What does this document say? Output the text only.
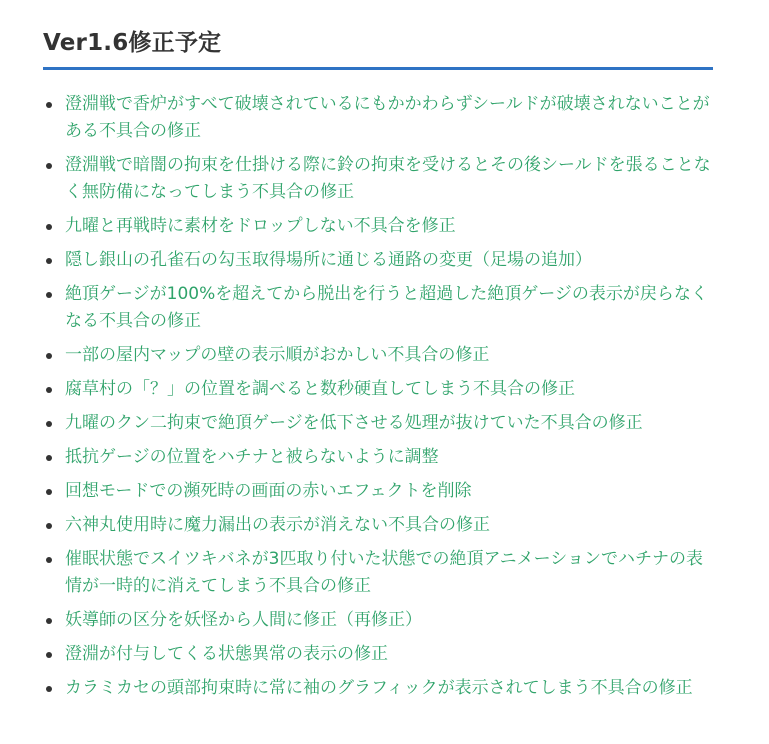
Ver1.6修正予定
澄淵戦で香炉がすべて破壊されているにもかかわらずシールドが破壊されないことがある不具合の修正
澄淵戦で暗闇の拘束を仕掛ける際に鈴の拘束を受けるとその後シールドを張ることなく無防備になってしまう不具合の修正
九曜と再戦時に素材をドロップしない不具合を修正
隠し銀山の孔雀石の勾玉取得場所に通じる通路の変更（足場の追加）
絶頂ゲージが100%を超えてから脱出を行うと超過した絶頂ゲージの表示が戻らなくなる不具合の修正
一部の屋内マップの壁の表示順がおかしい不具合の修正
腐草村の「？」の位置を調べると数秒硬直してしまう不具合の修正
九曜のクン二拘束で絶頂ゲージを低下させる処理が抜けていた不具合の修正
抵抗ゲージの位置をハチナと被らないように調整
回想モードでの瀕死時の画面の赤いエフェクトを削除
六神丸使用時に魔力漏出の表示が消えない不具合の修正
催眠状態でスイツキバネが3匹取り付いた状態での絶頂アニメーションでハチナの表情が一時的に消えてしまう不具合の修正
妖導師の区分を妖怪から人間に修正（再修正）
澄淵が付与してくる状態異常の表示の修正
カラミカセの頭部拘束時に常に袖のグラフィックが表示されてしまう不具合の修正
